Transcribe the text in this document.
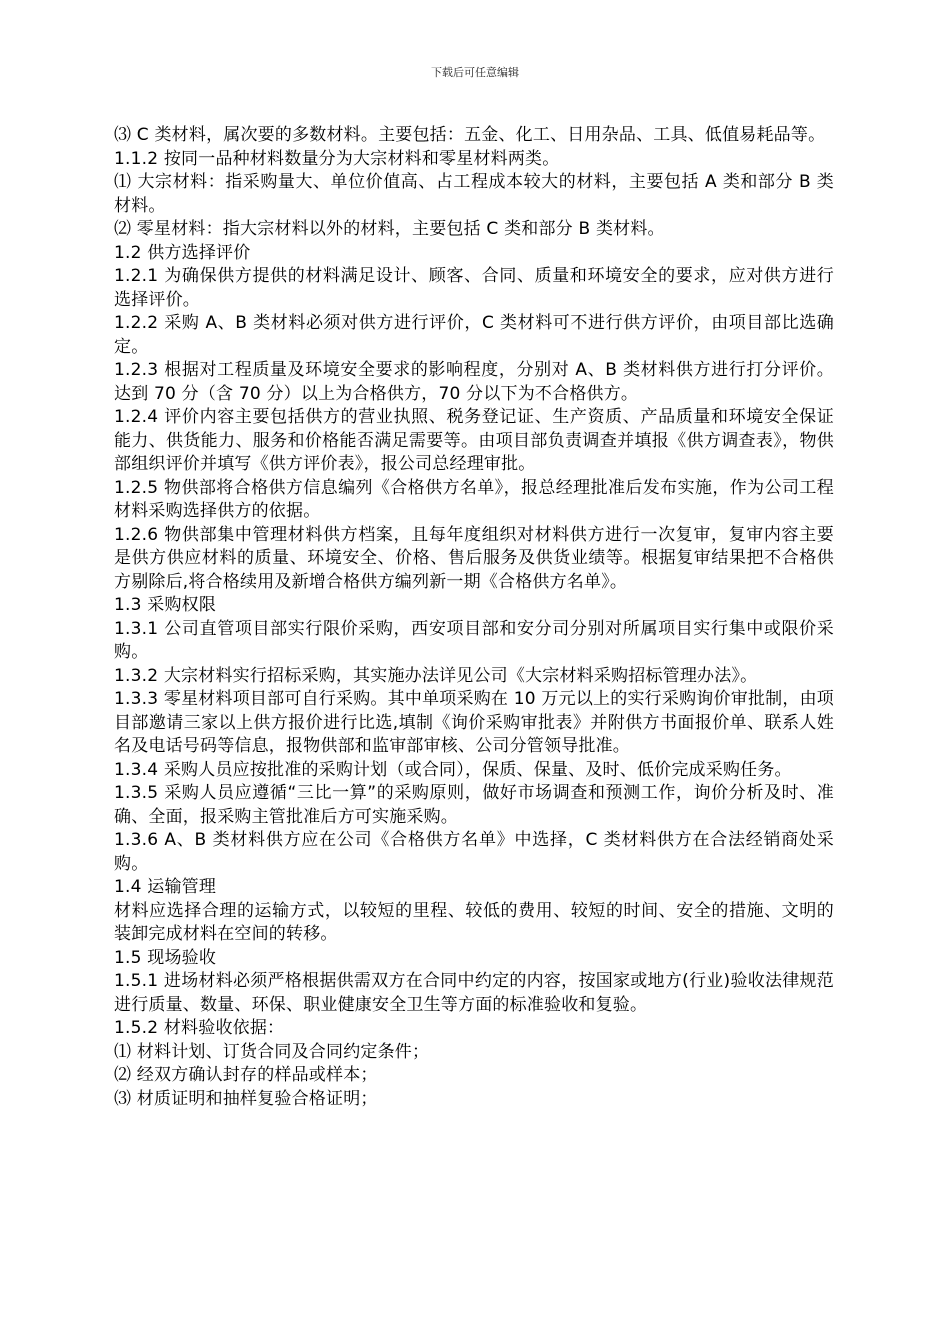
下载后可任意编辑

⑶ C 类材料，属次要的多数材料。主要包括：五金、化工、日用杂品、工具、低值易耗品等。

1.1.2 按同一品种材料数量分为大宗材料和零星材料两类。

⑴ 大宗材料：指采购量大、单位价值高、占工程成本较大的材料，主要包括 A 类和部分 B 类材料。

⑵ 零星材料：指大宗材料以外的材料，主要包括 C 类和部分 B 类材料。

1.2 供方选择评价

1.2.1 为确保供方提供的材料满足设计、顾客、合同、质量和环境安全的要求，应对供方进行选择评价。

1.2.2 采购 A、B 类材料必须对供方进行评价，C 类材料可不进行供方评价，由项目部比选确定。

1.2.3 根据对工程质量及环境安全要求的影响程度，分别对 A、B 类材料供方进行打分评价。达到 70 分（含 70 分）以上为合格供方，70 分以下为不合格供方。

1.2.4 评价内容主要包括供方的营业执照、税务登记证、生产资质、产品质量和环境安全保证能力、供货能力、服务和价格能否满足需要等。由项目部负责调查并填报《供方调查表》，物供部组织评价并填写《供方评价表》，报公司总经理审批。

1.2.5 物供部将合格供方信息编列《合格供方名单》，报总经理批准后发布实施，作为公司工程材料采购选择供方的依据。

1.2.6 物供部集中管理材料供方档案，且每年度组织对材料供方进行一次复审，复审内容主要是供方供应材料的质量、环境安全、价格、售后服务及供货业绩等。根据复审结果把不合格供方剔除后,将合格续用及新增合格供方编列新一期《合格供方名单》。

1.3 采购权限

1.3.1 公司直管项目部实行限价采购，西安项目部和安分司分别对所属项目实行集中或限价采购。

1.3.2 大宗材料实行招标采购，其实施办法详见公司《大宗材料采购招标管理办法》。

1.3.3 零星材料项目部可自行采购。其中单项采购在 10 万元以上的实行采购询价审批制，由项目部邀请三家以上供方报价进行比选,填制《询价采购审批表》并附供方书面报价单、联系人姓名及电话号码等信息，报物供部和监审部审核、公司分管领导批准。

1.3.4 采购人员应按批准的采购计划（或合同），保质、保量、及时、低价完成采购任务。

1.3.5 采购人员应遵循“三比一算”的采购原则，做好市场调查和预测工作，询价分析及时、准确、全面，报采购主管批准后方可实施采购。

1.3.6 A、B 类材料供方应在公司《合格供方名单》中选择，C 类材料供方在合法经销商处采购。

1.4 运输管理

材料应选择合理的运输方式，以较短的里程、较低的费用、较短的时间、安全的措施、文明的装卸完成材料在空间的转移。

1.5 现场验收

1.5.1 进场材料必须严格根据供需双方在合同中约定的内容，按国家或地方(行业)验收法律规范进行质量、数量、环保、职业健康安全卫生等方面的标准验收和复验。

1.5.2 材料验收依据：

⑴ 材料计划、订货合同及合同约定条件；

⑵ 经双方确认封存的样品或样本；

⑶ 材质证明和抽样复验合格证明；
